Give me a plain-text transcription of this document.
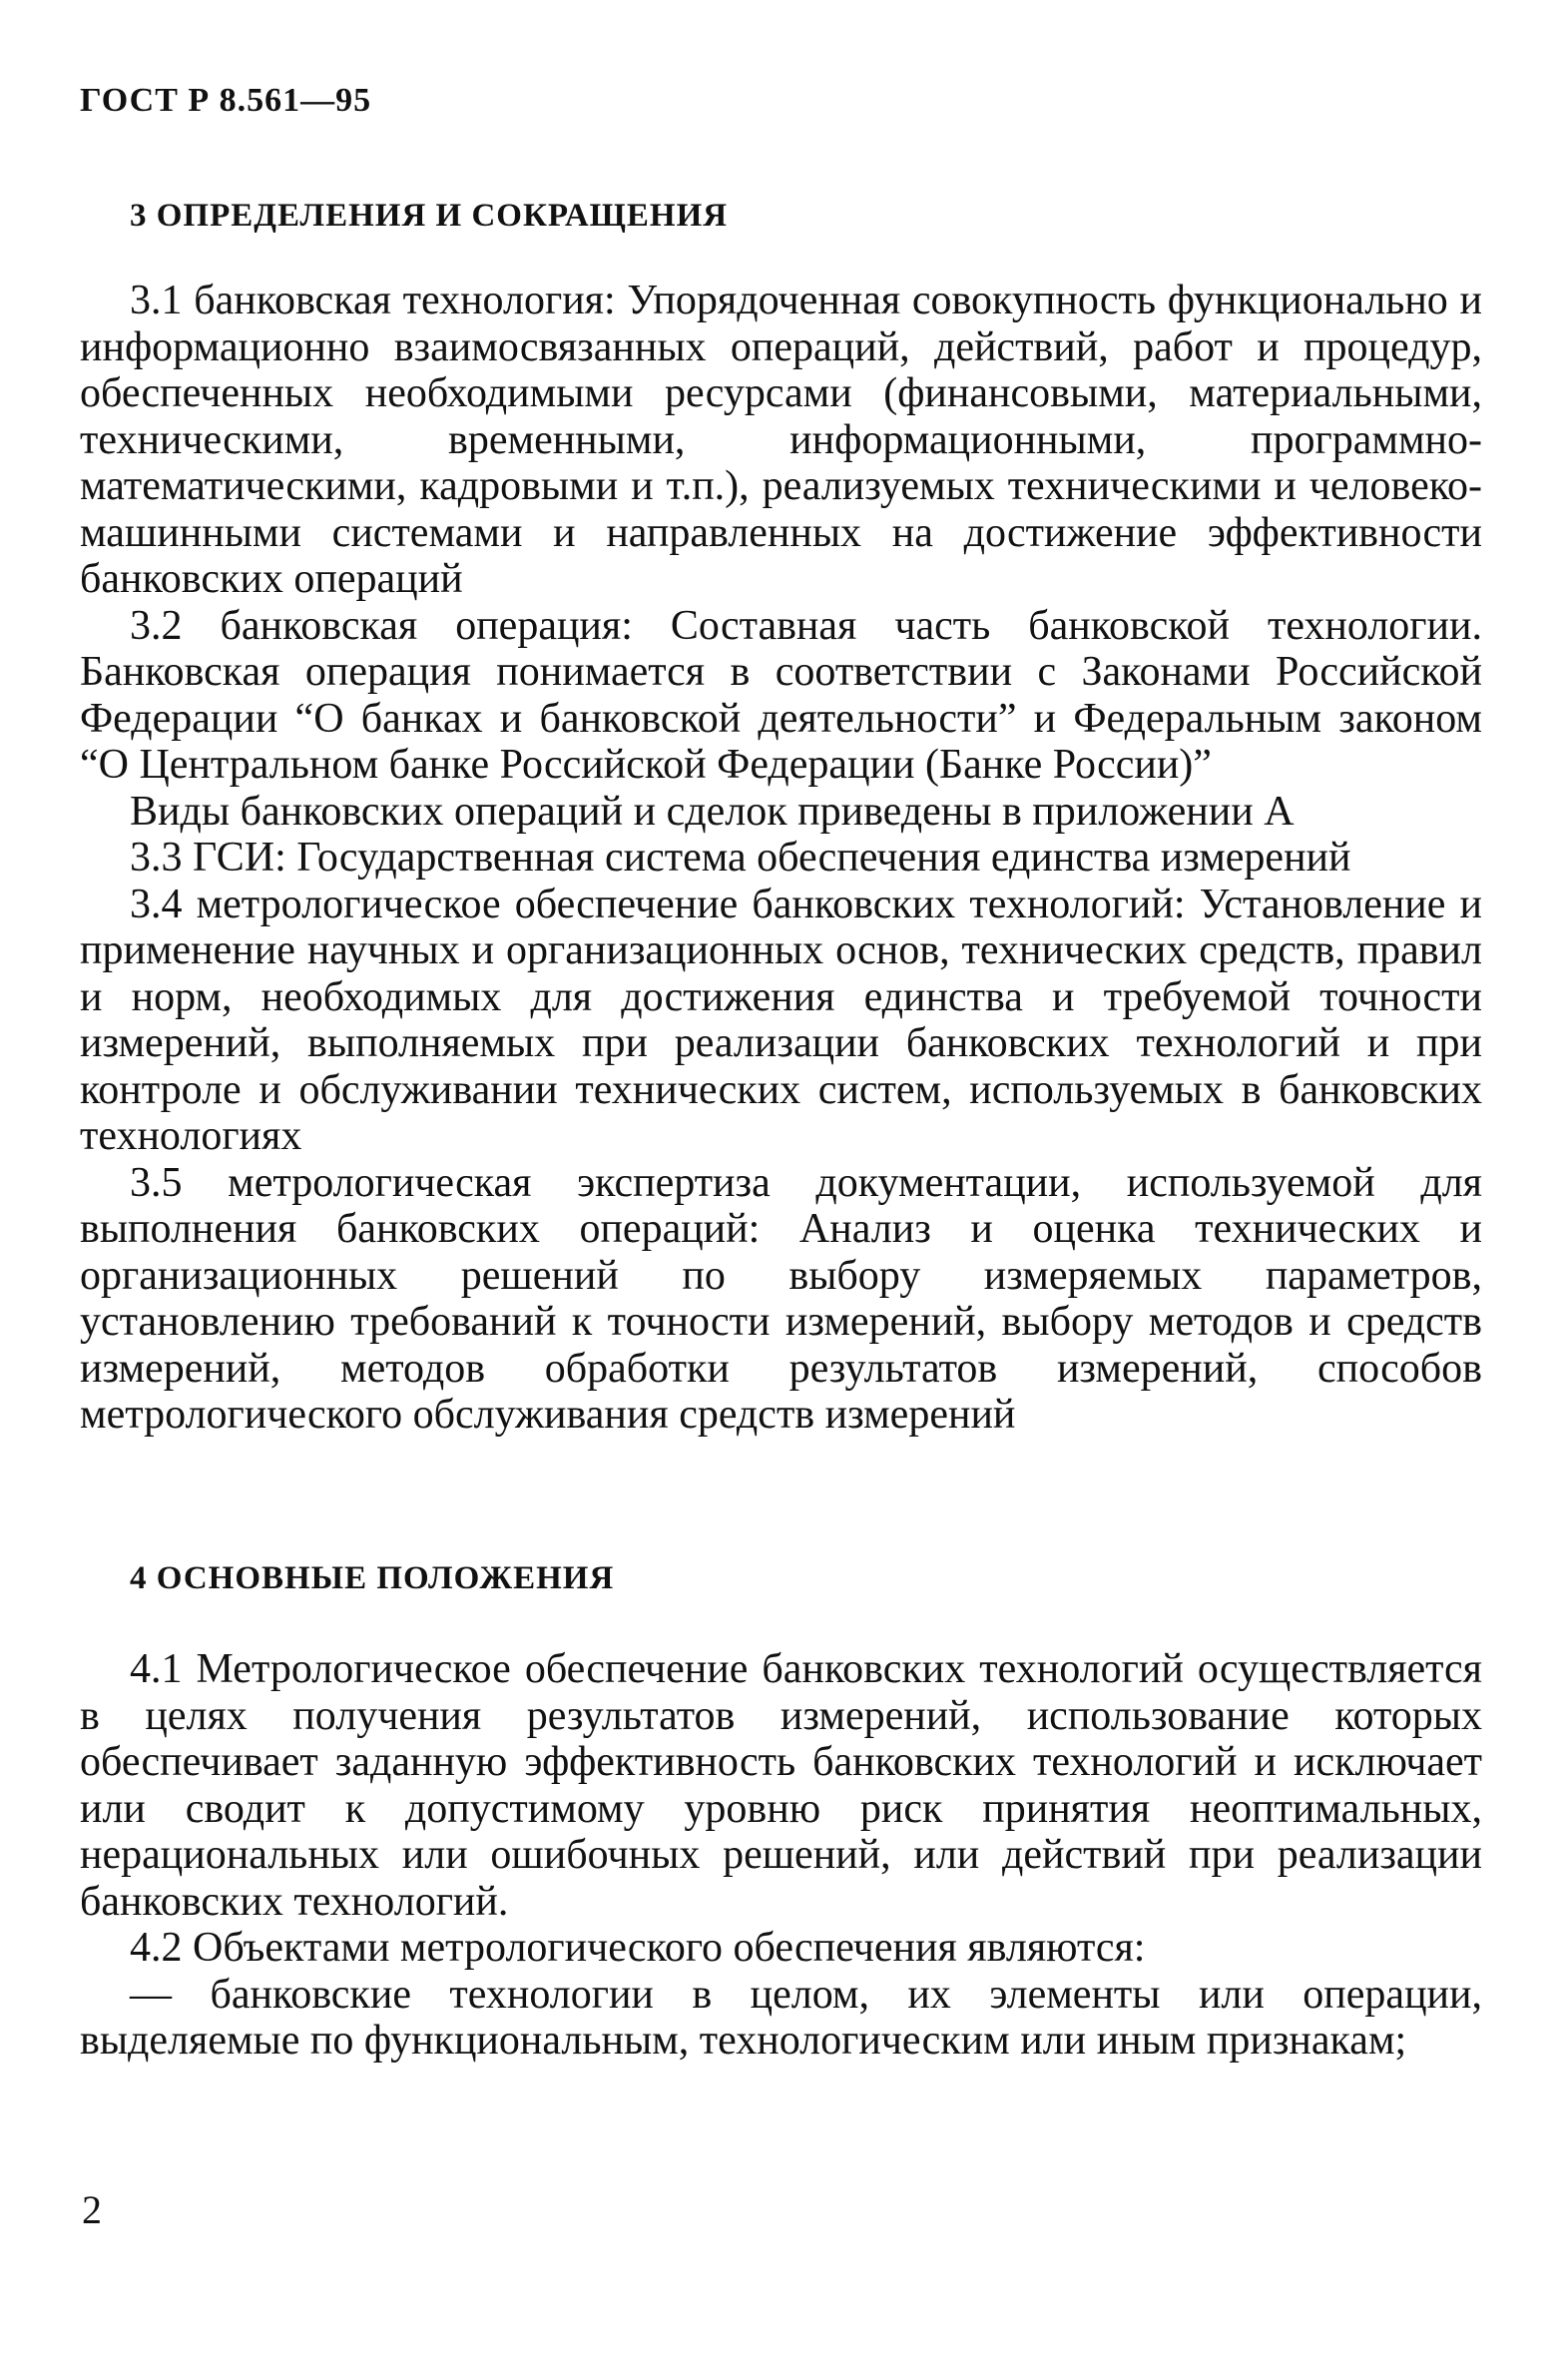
ГОСТ Р 8.561—95
3 ОПРЕДЕЛЕНИЯ И СОКРАЩЕНИЯ

3.1 банковская технология: Упорядоченная совокупность функционально и информационно взаимосвязанных операций, действий, работ и процедур, обеспеченных необходимыми ресурсами (финансовыми, материальными, техническими, временными, информационными, программно-математическими, кадровыми и т.п.), реализуемых техническими и человеко-машинными системами и направленных на достижение эффективности банковских операций

3.2 банковская операция: Составная часть банковской технологии. Банковская операция понимается в соответствии с Законами Российской Федерации “О банках и банковской деятельности” и Федеральным законом “О Центральном банке Российской Федерации (Банке России)”

Виды банковских операций и сделок приведены в приложении А

3.3 ГСИ: Государственная система обеспечения единства измерений

3.4 метрологическое обеспечение банковских технологий: Установление и применение научных и организационных основ, технических средств, правил и норм, необходимых для достижения единства и требуемой точности измерений, выполняемых при реализации банковских технологий и при контроле и обслуживании технических систем, используемых в банковских технологиях

3.5 метрологическая экспертиза документации, используемой для выполнения банковских операций: Анализ и оценка технических и организационных решений по выбору измеряемых параметров, установлению требований к точности измерений, выбору методов и средств измерений, методов обработки результатов измерений, способов метрологического обслуживания средств измерений

4 ОСНОВНЫЕ ПОЛОЖЕНИЯ

4.1 Метрологическое обеспечение банковских технологий осуществляется в целях получения результатов измерений, использование которых обеспечивает заданную эффективность банковских технологий и исключает или сводит к допустимому уровню риск принятия неоптимальных, нерациональных или ошибочных решений, или действий при реализации банковских технологий.

4.2 Объектами метрологического обеспечения являются:

— банковские технологии в целом, их элементы или операции, выделяемые по функциональным, технологическим или иным признакам;

2
